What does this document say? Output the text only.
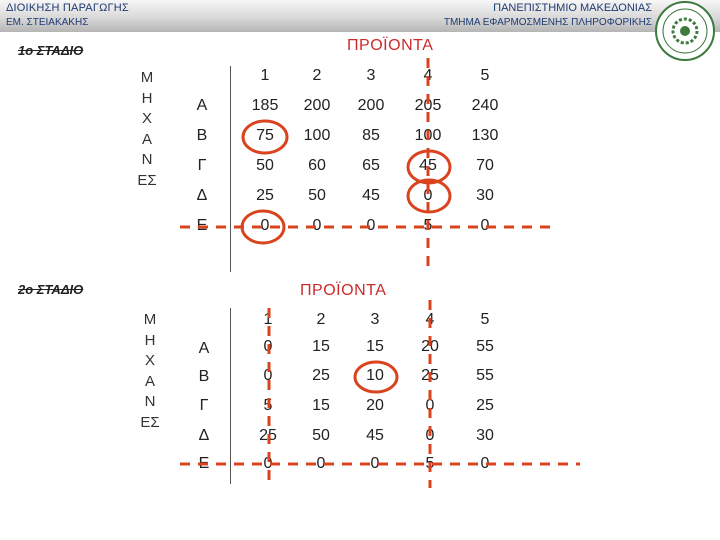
ΔΙΟΙΚΗΣΗ ΠΑΡΑΓΩΓΗΣ
ΕΜ. ΣΤΕΙΑΚΑΚΗΣ
ΠΑΝΕΠΙΣΤΗΜΙΟ ΜΑΚΕΔΟΝΙΑΣ
ΤΜΗΜΑ ΕΦΑΡΜΟΣΜΕΝΗΣ ΠΛΗΡΟΦΟΡΙΚΗΣ
1ο ΣΤΑΔΙΟ	ΠΡΟΪΟΝΤΑ
Μ
Η
Χ
Α
Ν
ΕΣ
1	2	3	4	5
Α	185	200	200	205	240
Β	75	100	85	100	130
Γ	50	60	65	45	70
Δ	25	50	45	0	30
Ε	0	0	0	5	0
2ο ΣΤΑΔΙΟ	ΠΡΟΪΟΝΤΑ
Μ
Η
Χ
Α
Ν
ΕΣ
1	2	3	4	5
Α	0	15	15	20	55
Β	0	25	10	25	55
Γ	5	15	20	0	25
Δ	25	50	45	0	30
Ε	0	0	0	5	0
